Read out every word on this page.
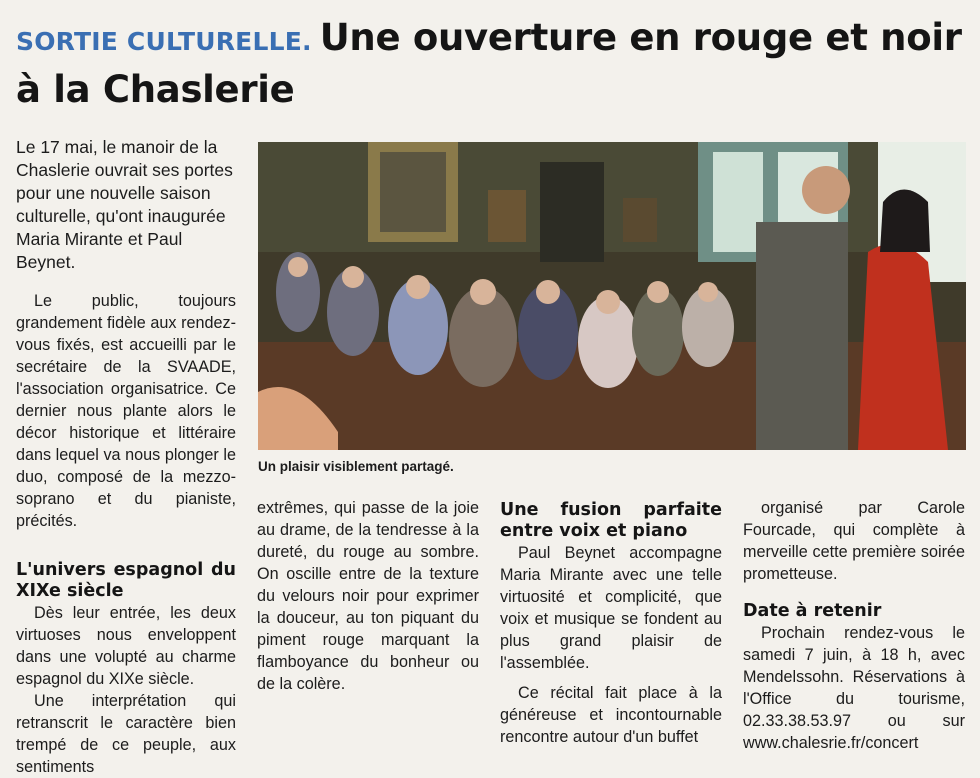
SORTIE CULTURELLE. Une ouverture en rouge et noir à la Chaslerie
Le 17 mai, le manoir de la Chaslerie ouvrait ses portes pour une nouvelle saison culturelle, qu'ont inaugurée Maria Mirante et Paul Beynet.

Le public, toujours grandement fidèle aux rendez-vous fixés, est accueilli par le secrétaire de la SVAADE, l'association organisatrice. Ce dernier nous plante alors le décor historique et littéraire dans lequel va nous plonger le duo, composé de la mezzo-soprano et du pianiste, précités.

L'univers espagnol du XIXe siècle

Dès leur entrée, les deux virtuoses nous enveloppent dans une volupté au charme espagnol du XIXe siècle.

Une interprétation qui retranscrit le caractère bien trempé de ce peuple, aux sentiments

Un plaisir visiblement partagé.

extrêmes, qui passe de la joie au drame, de la tendresse à la dureté, du rouge au sombre. On oscille entre de la texture du velours noir pour exprimer la douceur, au ton piquant du piment rouge marquant la flamboyance du bonheur ou de la colère.

Une fusion parfaite entre voix et piano

Paul Beynet accompagne Maria Mirante avec une telle virtuosité et complicité, que voix et musique se fondent au plus grand plaisir de l'assemblée.

Ce récital fait place à la généreuse et incontournable rencontre autour d'un buffet

organisé par Carole Fourcade, qui complète à merveille cette première soirée prometteuse.

Date à retenir

Prochain rendez-vous le samedi 7 juin, à 18 h, avec Mendelssohn. Réservations à l'Office du tourisme, 02.33.38.53.97 ou sur www.chalesrie.fr/concert
